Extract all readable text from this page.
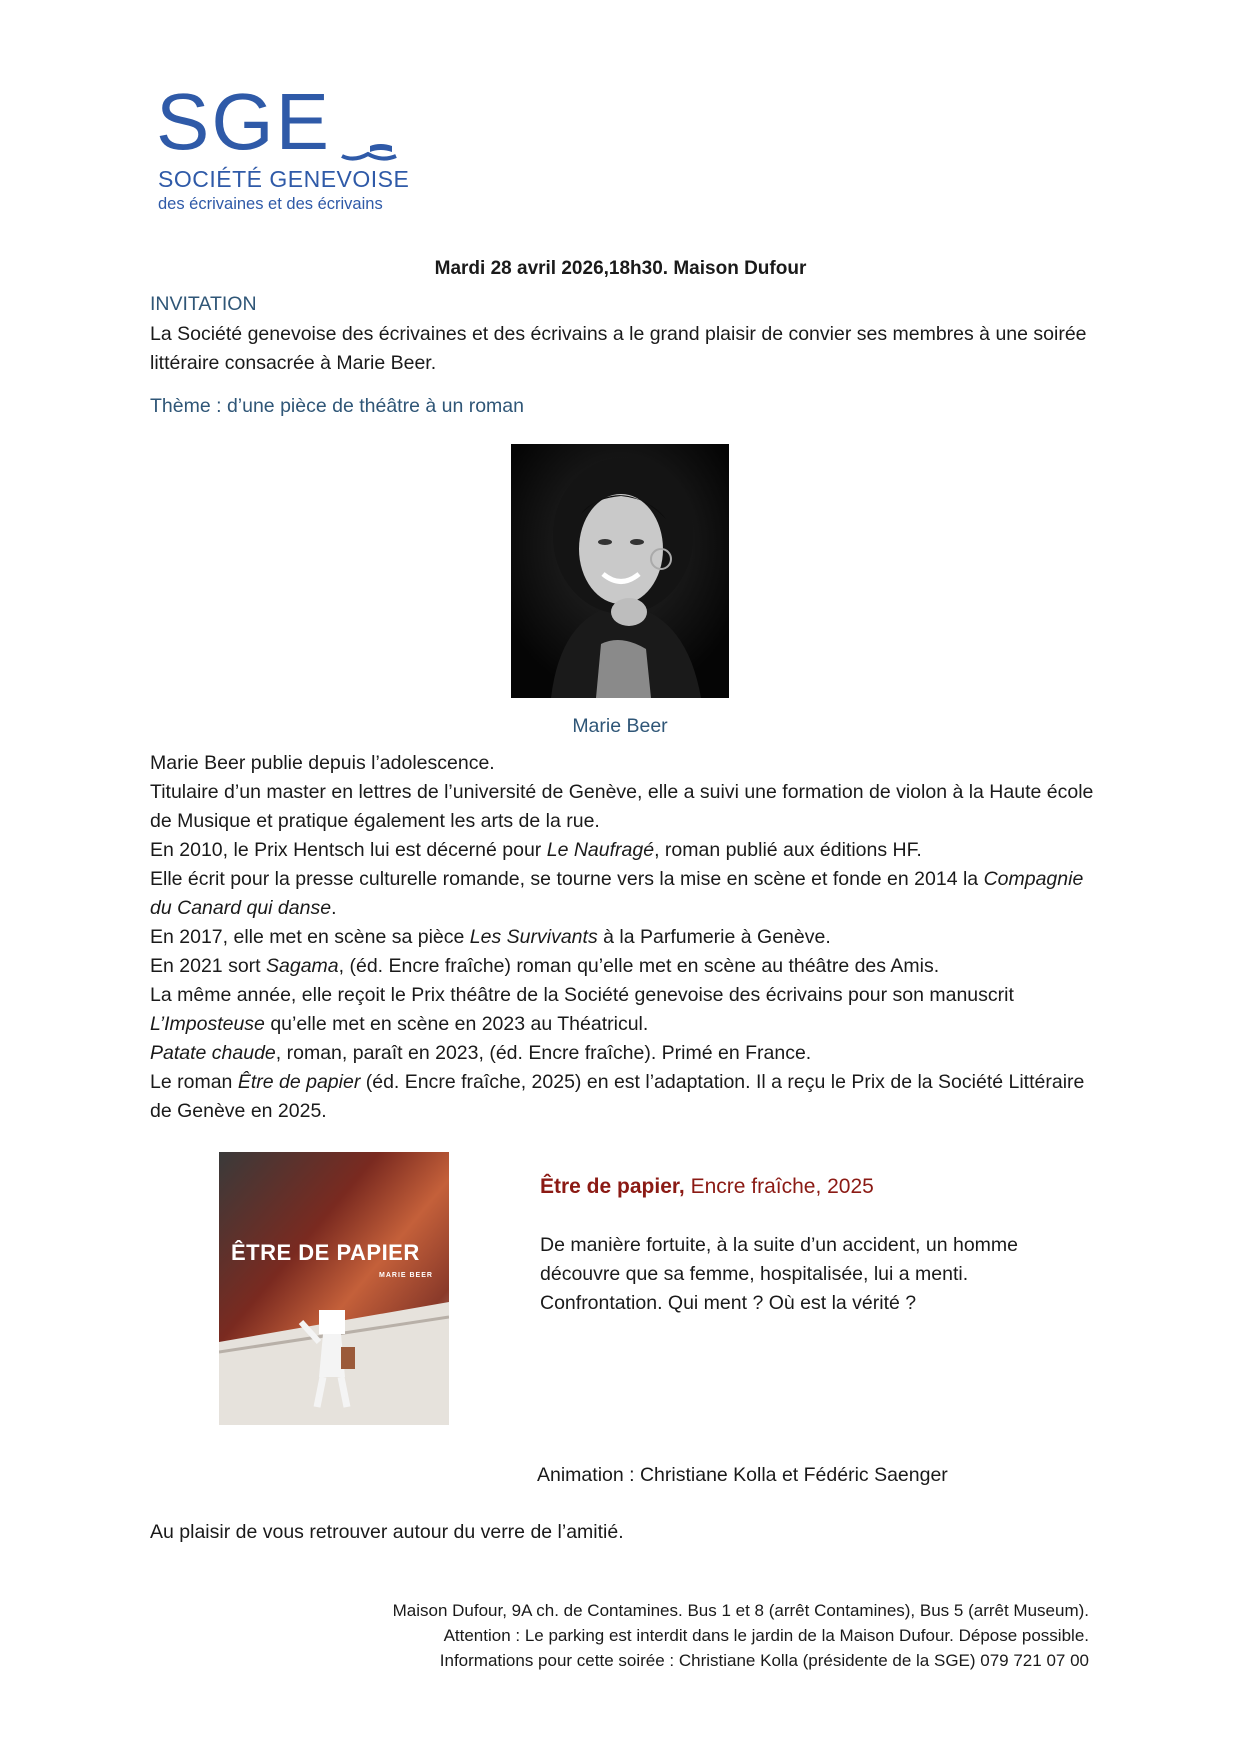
SGE
SOCIÉTÉ GENEVOISE
des écrivaines et des écrivains
Mardi 28 avril 2026,18h30. Maison Dufour
INVITATION
La Société genevoise des écrivaines et des écrivains a le grand plaisir de convier ses membres à une soirée littéraire consacrée à Marie Beer.
Thème : d’une pièce de théâtre à un roman
Marie Beer

Marie Beer publie depuis l’adolescence.

Titulaire d’un master en lettres de l’université de Genève, elle a suivi une formation de violon à la Haute école de Musique et pratique également les arts de la rue.

En 2010, le Prix Hentsch lui est décerné pour Le Naufragé, roman publié aux éditions HF.

Elle écrit pour la presse culturelle romande, se tourne vers la mise en scène et fonde en 2014 la Compagnie du Canard qui danse.

En 2017, elle met en scène sa pièce Les Survivants à la Parfumerie à Genève.

En 2021 sort Sagama, (éd. Encre fraîche) roman qu’elle met en scène au théâtre des Amis.

La même année, elle reçoit le Prix théâtre de la Société genevoise des écrivains pour son manuscrit L’Imposteuse qu’elle met en scène en 2023 au Théatricul.

Patate chaude, roman, paraît en 2023, (éd. Encre fraîche). Primé en France.

Le roman Être de papier (éd. Encre fraîche, 2025) en est l’adaptation. Il a reçu le Prix de la Société Littéraire de Genève en 2025.

ÊTRE DE PAPIER
MARIE BEER
Être de papier, Encre fraîche, 2025

De manière fortuite, à la suite d’un accident, un homme découvre que sa femme, hospitalisée, lui a menti.

Confrontation. Qui ment ? Où est la vérité ?

Animation : Christiane Kolla et Fédéric Saenger
Au plaisir de vous retrouver autour du verre de l’amitié.

Maison Dufour, 9A ch. de Contamines. Bus 1 et 8 (arrêt Contamines), Bus 5 (arrêt Museum).

Attention : Le parking est interdit dans le jardin de la Maison Dufour. Dépose possible.

Informations pour cette soirée : Christiane Kolla (présidente de la SGE) 079 721 07 00
